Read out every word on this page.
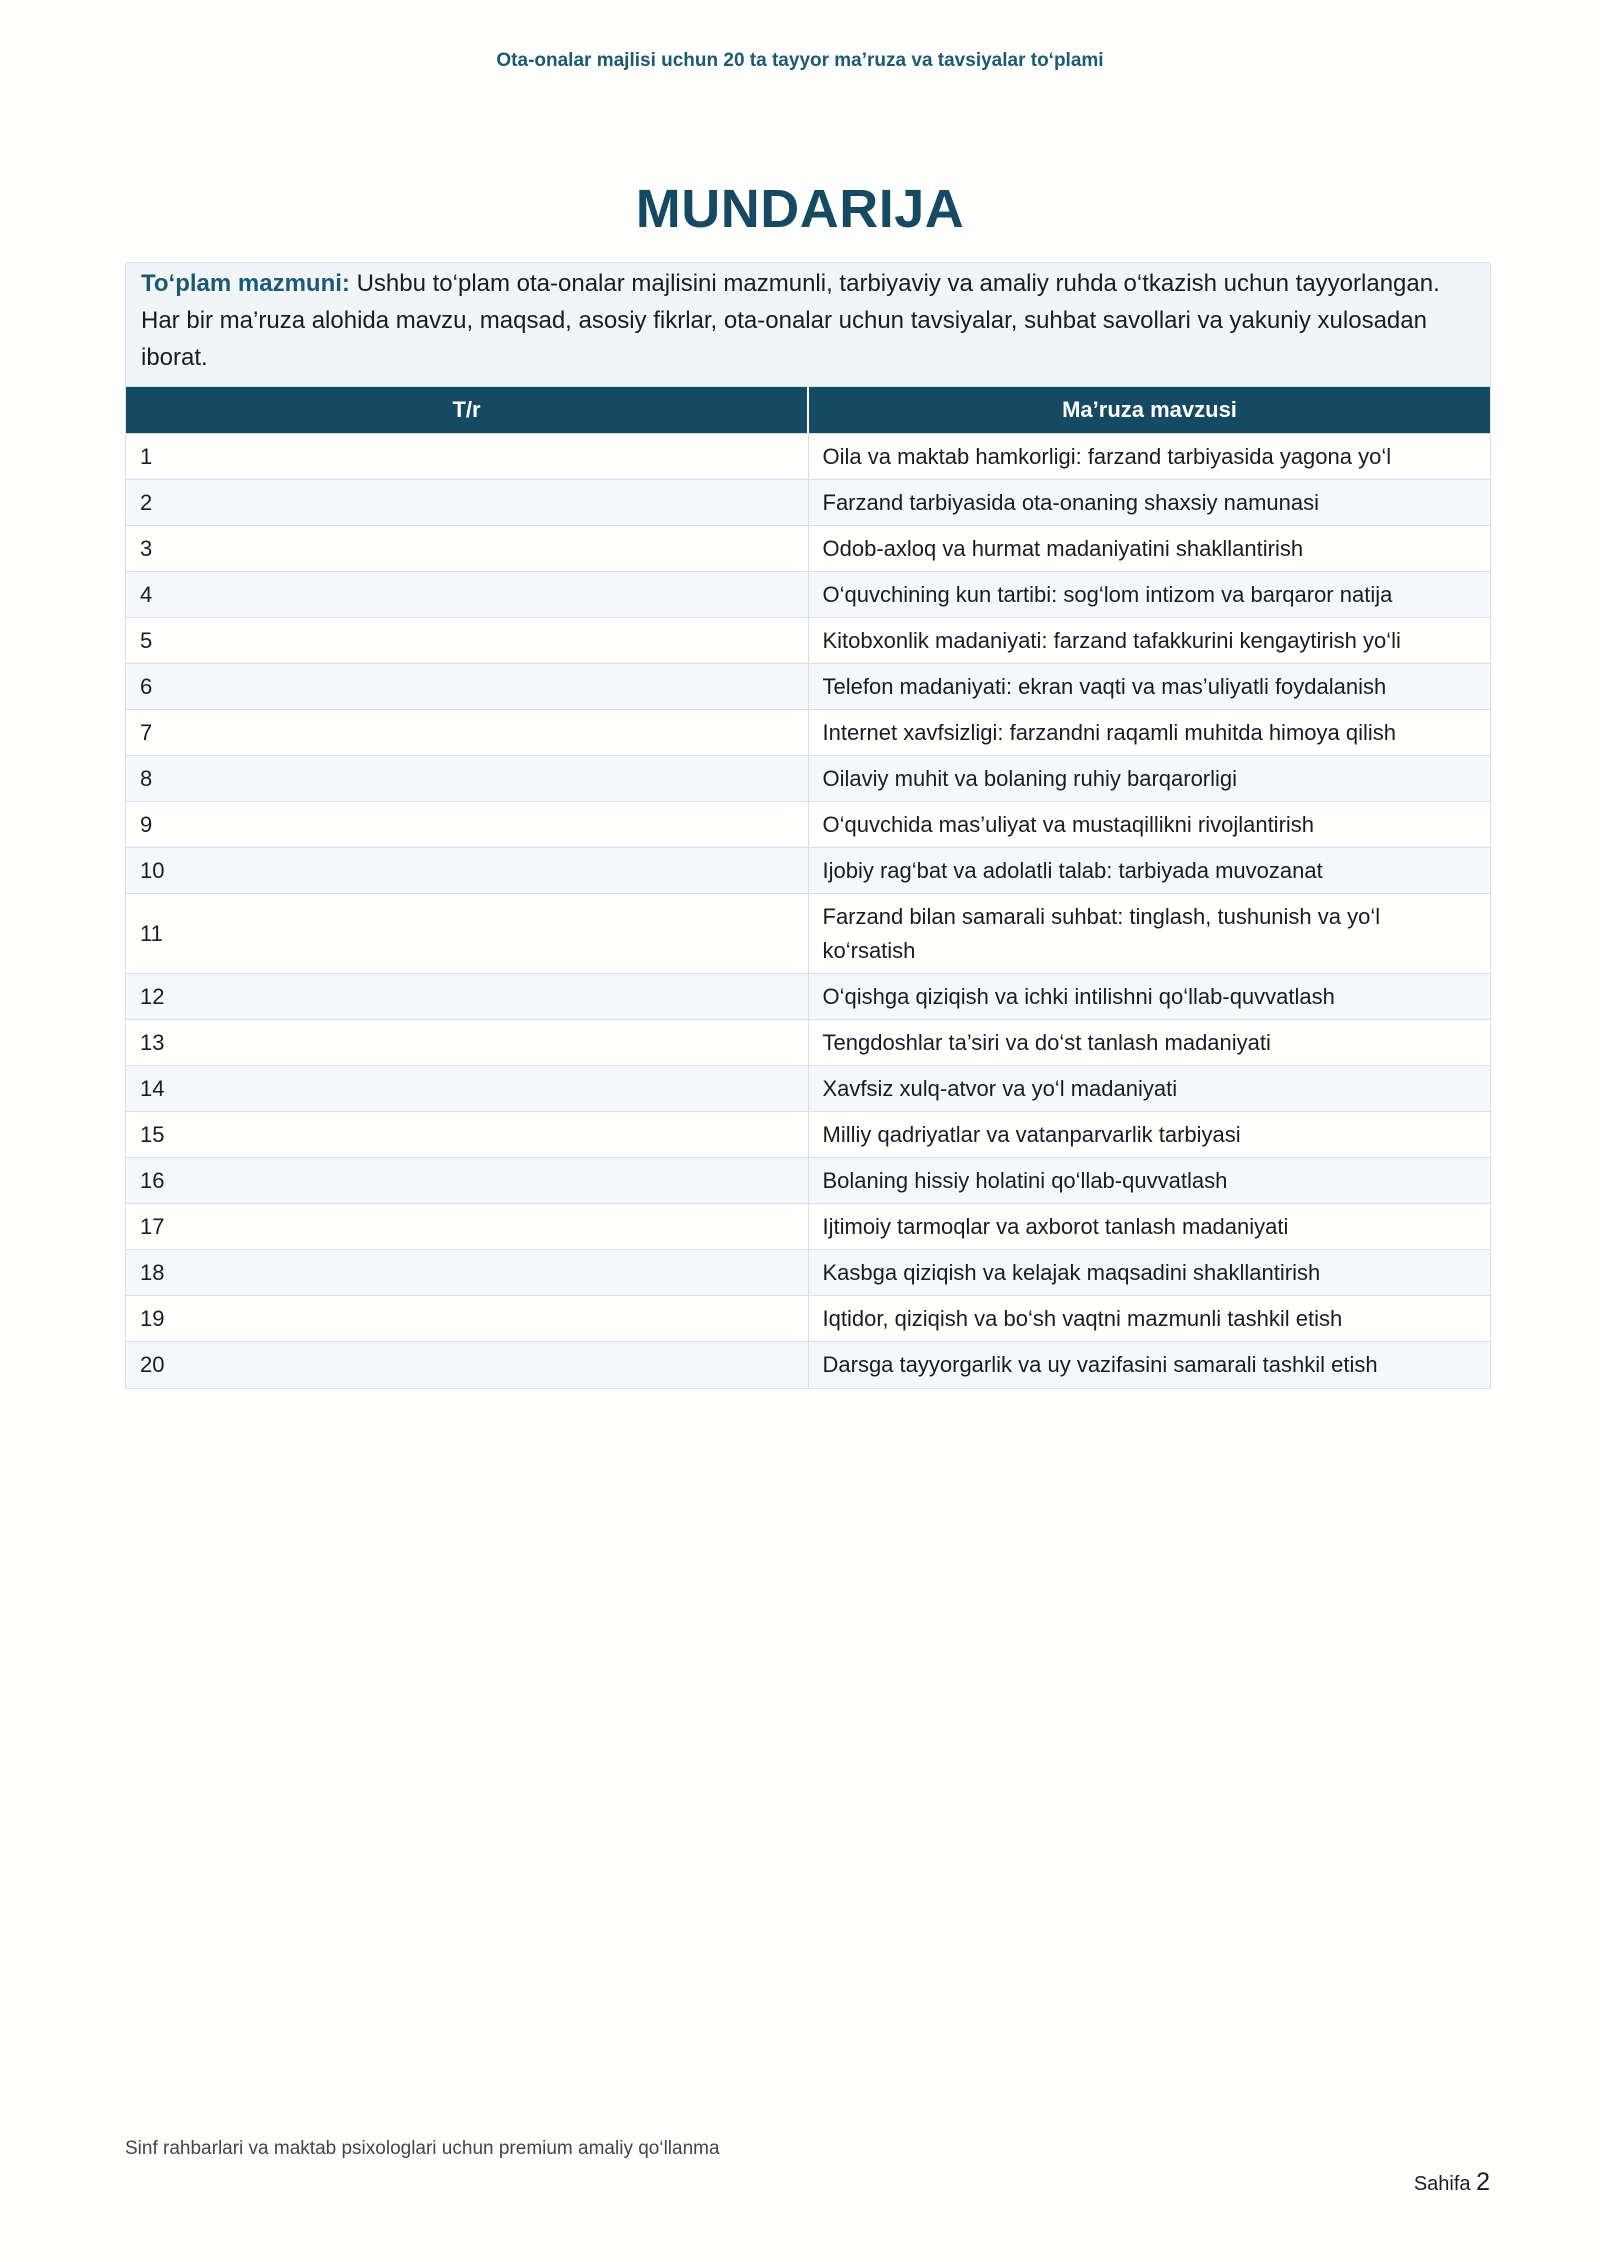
Ota-onalar majlisi uchun 20 ta tayyor ma’ruza va tavsiyalar to‘plami
MUNDARIJA
To‘plam mazmuni: Ushbu to‘plam ota-onalar majlisini mazmunli, tarbiyaviy va amaliy ruhda o‘tkazish uchun tayyorlangan. Har bir ma’ruza alohida mavzu, maqsad, asosiy fikrlar, ota-onalar uchun tavsiyalar, suhbat savollari va yakuniy xulosadan iborat.
T/r	Ma’ruza mavzusi
1	Oila va maktab hamkorligi: farzand tarbiyasida yagona yo‘l
2	Farzand tarbiyasida ota-onaning shaxsiy namunasi
3	Odob-axloq va hurmat madaniyatini shakllantirish
4	O‘quvchining kun tartibi: sog‘lom intizom va barqaror natija
5	Kitobxonlik madaniyati: farzand tafakkurini kengaytirish yo‘li
6	Telefon madaniyati: ekran vaqti va mas’uliyatli foydalanish
7	Internet xavfsizligi: farzandni raqamli muhitda himoya qilish
8	Oilaviy muhit va bolaning ruhiy barqarorligi
9	O‘quvchida mas’uliyat va mustaqillikni rivojlantirish
10	Ijobiy rag‘bat va adolatli talab: tarbiyada muvozanat
11	Farzand bilan samarali suhbat: tinglash, tushunish va yo‘l ko‘rsatish
12	O‘qishga qiziqish va ichki intilishni qo‘llab-quvvatlash
13	Tengdoshlar ta’siri va do‘st tanlash madaniyati
14	Xavfsiz xulq-atvor va yo‘l madaniyati
15	Milliy qadriyatlar va vatanparvarlik tarbiyasi
16	Bolaning hissiy holatini qo‘llab-quvvatlash
17	Ijtimoiy tarmoqlar va axborot tanlash madaniyati
18	Kasbga qiziqish va kelajak maqsadini shakllantirish
19	Iqtidor, qiziqish va bo‘sh vaqtni mazmunli tashkil etish
20	Darsga tayyorgarlik va uy vazifasini samarali tashkil etish
Sinf rahbarlari va maktab psixologlari uchun premium amaliy qo‘llanma
Sahifa 2
